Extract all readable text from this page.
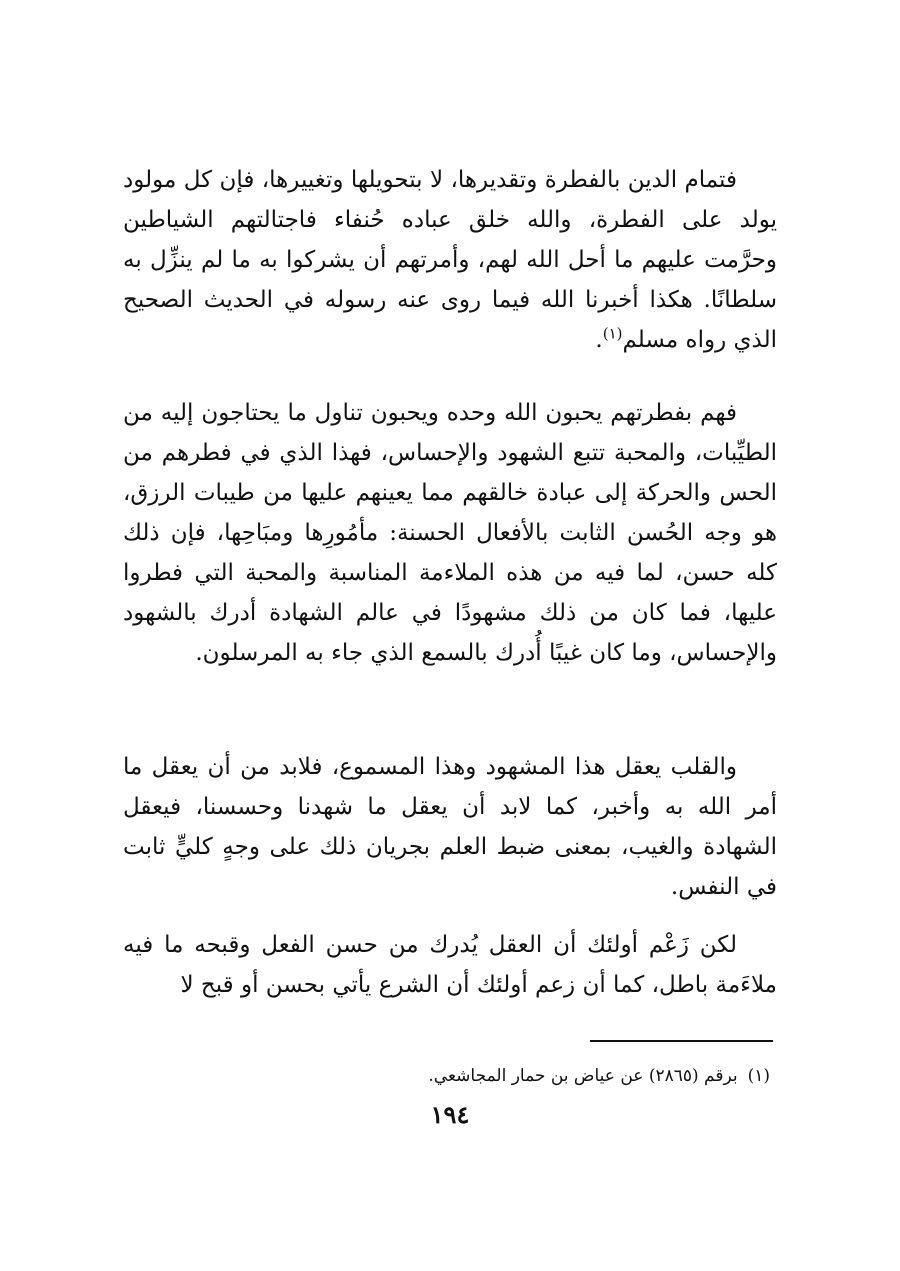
فتمام الدين بالفطرة وتقديرها، لا بتحويلها وتغييرها، فإن كل مولود يولد على الفطرة، والله خلق عباده حُنفاء فاجتالتهم الشياطين وحرَّمت عليهم ما أحل الله لهم، وأمرتهم أن يشركوا به ما لم ينزِّل به سلطانًا. هكذا أخبرنا الله فيما روى عنه رسوله في الحديث الصحيح الذي رواه مسلم$^{(١)}$.

فهم بفطرتهم يحبون الله وحده ويحبون تناول ما يحتاجون إليه من الطيِّبات، والمحبة تتبع الشهود والإحساس، فهذا الذي في فطرهم من الحس والحركة إلى عبادة خالقهم مما يعينهم عليها من طيبات الرزق، هو وجه الحُسن الثابت بالأفعال الحسنة: مأمُورِها ومبَاحِها، فإن ذلك كله حسن، لما فيه من هذه الملاءمة المناسبة والمحبة التي فطروا عليها، فما كان من ذلك مشهودًا في عالم الشهادة أدرك بالشهود والإحساس، وما كان غيبًا أُدرك بالسمع الذي جاء به المرسلون.

والقلب يعقل هذا المشهود وهذا المسموع، فلابد من أن يعقل ما أمر الله به وأخبر، كما لابد أن يعقل ما شهدنا وحسسنا، فيعقل الشهادة والغيب، بمعنى ضبط العلم بجريان ذلك على وجهٍ كليٍّ ثابت في النفس.

لكن زَعْم أولئك أن العقل يُدرك من حسن الفعل وقبحه ما فيه ملاءَمة باطل، كما أن زعم أولئك أن الشرع يأتي بحسن أو قبح لا

(١)برقم (٢٨٦٥) عن عياض بن حمار المجاشعي.
١٩٤
